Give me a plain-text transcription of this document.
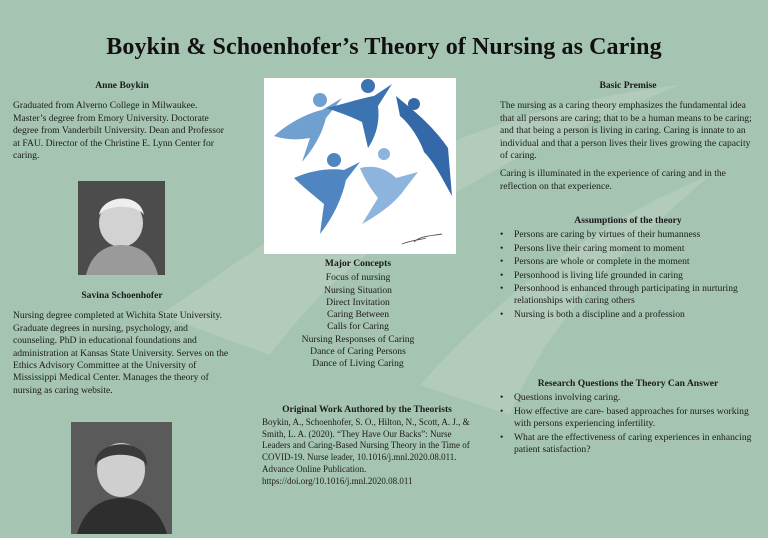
Boykin & Schoenhofer’s Theory of Nursing as Caring
Anne Boykin

Graduated from Alverno College in Milwaukee. Master’s degree from Emory University. Doctorate degree from Vanderbilt University. Dean and Professor at FAU. Director of the Christine E. Lynn Center for caring.

Savina Schoenhofer

Nursing degree completed at Wichita State University. Graduate degrees in nursing, psychology, and counseling. PhD in educational foundations and administration at Kansas State University. Serves on the Ethics Advisory Committee at the University of Mississippi Medical Center. Manages the theory of nursing as caring website.

Major Concepts
Focus of nursing
Nursing Situation
Direct Invitation
Caring Between
Calls for Caring
Nursing Responses of Caring
Dance of Caring Persons
Dance of Living Caring
Original Work Authored by the Theorists
Boykin, A., Schoenhofer, S. O., Hilton, N., Scott, A. J., & Smith, L. A. (2020). “They Have Our Backs”: Nurse Leaders and Caring-Based Nursing Theory in the Time of COVID-19. Nurse leader, 10.1016/j.mnl.2020.08.011. Advance Online Publication.
https://doi.org/10.1016/j.mnl.2020.08.011
Basic Premise

The nursing as a caring theory emphasizes the fundamental idea that all persons are caring; that to be a human means to be caring; and that being a person is living in caring. Caring is innate to an individual and that a person lives their lives growing the capacity of caring.

Caring is illuminated in the experience of caring and in the reflection on that experience.

Assumptions of the theory
• Persons are caring by virtues of their humanness
• Persons live their caring moment to moment
• Persons are whole or complete in the moment
• Personhood is living life grounded in caring
• Personhood is enhanced through participating in nurturing relationships with caring others
• Nursing is both a discipline and a profession
Research Questions the Theory Can Answer
• Questions involving caring.
• How effective are care- based approaches for nurses working with persons experiencing infertility.
• What are the effectiveness of caring experiences in enhancing patient satisfaction?
